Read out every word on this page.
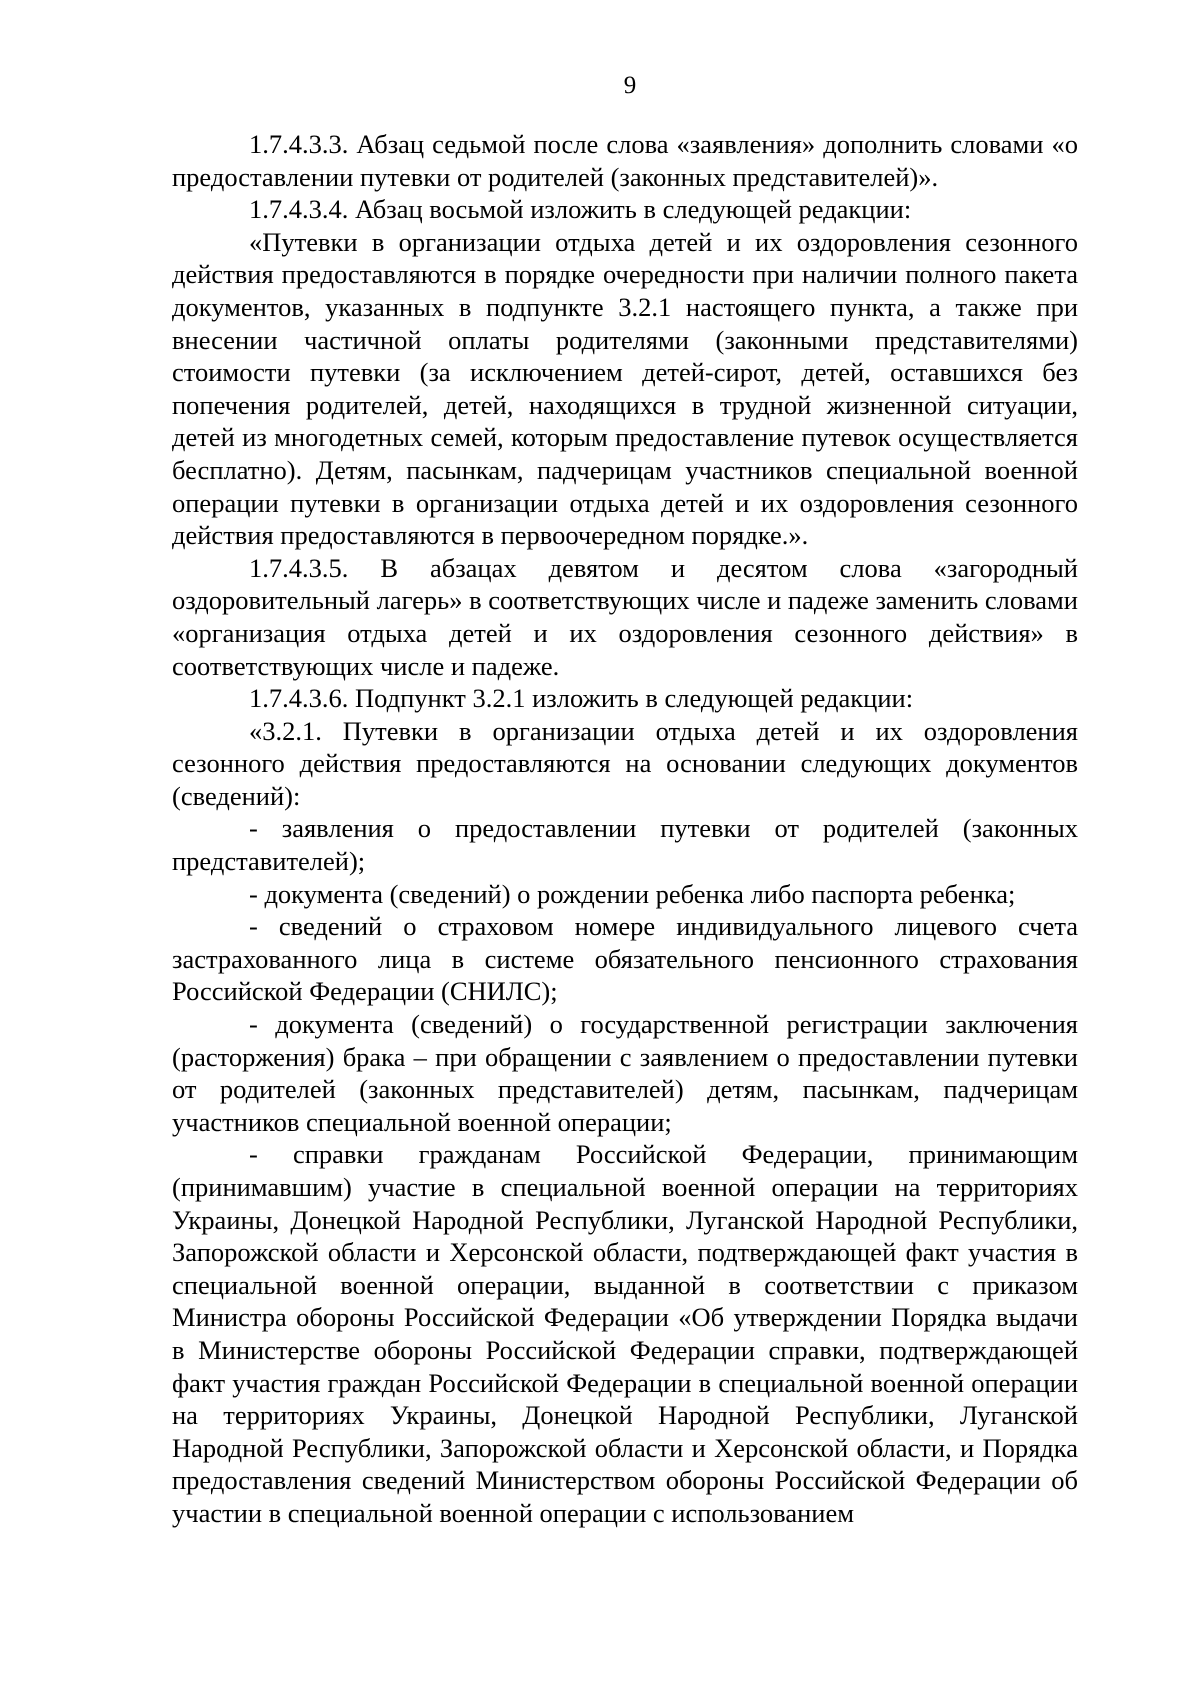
9

1.7.4.3.3. Абзац седьмой после слова «заявления» дополнить словами «о предоставлении путевки от родителей (законных представителей)».

1.7.4.3.4. Абзац восьмой изложить в следующей редакции:

«Путевки в организации отдыха детей и их оздоровления сезонного действия предоставляются в порядке очередности при наличии полного пакета документов, указанных в подпункте 3.2.1 настоящего пункта, а также при внесении частичной оплаты родителями (законными представителями) стоимости путевки (за исключением детей-сирот, детей, оставшихся без попечения родителей, детей, находящихся в трудной жизненной ситуации, детей из многодетных семей, которым предоставление путевок осуществляется бесплатно). Детям, пасынкам, падчерицам участников специальной военной операции путевки в организации отдыха детей и их оздоровления сезонного действия предоставляются в первоочередном порядке.».

1.7.4.3.5. В абзацах девятом и десятом слова «загородный оздоровительный лагерь» в соответствующих числе и падеже заменить словами «организация отдыха детей и их оздоровления сезонного действия» в соответствующих числе и падеже.

1.7.4.3.6. Подпункт 3.2.1 изложить в следующей редакции:

«3.2.1. Путевки в организации отдыха детей и их оздоровления сезонного действия предоставляются на основании следующих документов (сведений):

- заявления о предоставлении путевки от родителей (законных представителей);

- документа (сведений) о рождении ребенка либо паспорта ребенка;

- сведений о страховом номере индивидуального лицевого счета застрахованного лица в системе обязательного пенсионного страхования Российской Федерации (СНИЛС);

- документа (сведений) о государственной регистрации заключения (расторжения) брака – при обращении с заявлением о предоставлении путевки от родителей (законных представителей) детям, пасынкам, падчерицам участников специальной военной операции;

- справки гражданам Российской Федерации, принимающим (принимавшим) участие в специальной военной операции на территориях Украины, Донецкой Народной Республики, Луганской Народной Республики, Запорожской области и Херсонской области, подтверждающей факт участия в специальной военной операции, выданной в соответствии с приказом Министра обороны Российской Федерации «Об утверждении Порядка выдачи в Министерстве обороны Российской Федерации справки, подтверждающей факт участия граждан Российской Федерации в специальной военной операции на территориях Украины, Донецкой Народной Республики, Луганской Народной Республики, Запорожской области и Херсонской области, и Порядка предоставления сведений Министерством обороны Российской Федерации об участии в специальной военной операции с использованием
